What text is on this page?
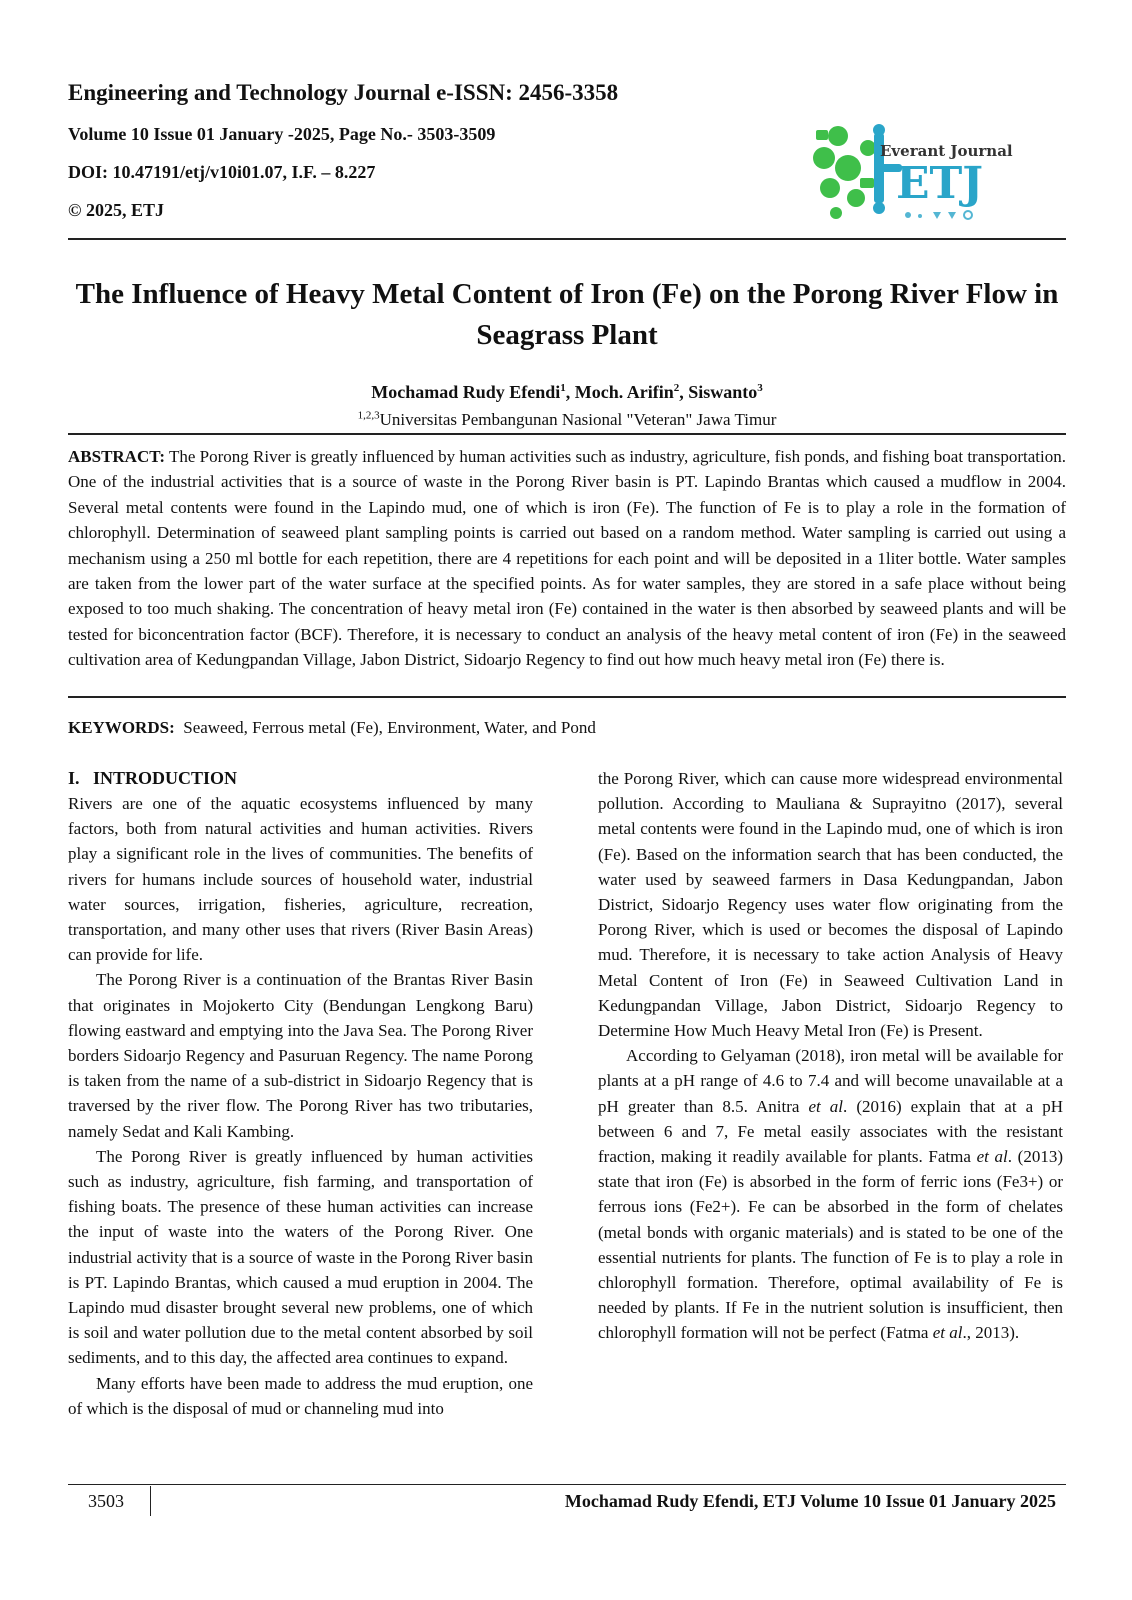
Engineering and Technology Journal e-ISSN: 2456-3358
Volume 10 Issue 01 January -2025, Page No.- 3503-3509
DOI: 10.47191/etj/v10i01.07, I.F. – 8.227
© 2025, ETJ
Everant Journal
ETJ
The Influence of Heavy Metal Content of Iron (Fe) on the Porong River Flow in Seagrass Plant
Mochamad Rudy Efendi$^1$, Moch. Arifin$^2$, Siswanto$^3$
$^{1,2,3}$Universitas Pembangunan Nasional "Veteran" Jawa Timur
ABSTRACT: The Porong River is greatly influenced by human activities such as industry, agriculture, fish ponds, and fishing boat transportation. One of the industrial activities that is a source of waste in the Porong River basin is PT. Lapindo Brantas which caused a mudflow in 2004. Several metal contents were found in the Lapindo mud, one of which is iron (Fe). The function of Fe is to play a role in the formation of chlorophyll. Determination of seaweed plant sampling points is carried out based on a random method. Water sampling is carried out using a mechanism using a 250 ml bottle for each repetition, there are 4 repetitions for each point and will be deposited in a 1liter bottle. Water samples are taken from the lower part of the water surface at the specified points. As for water samples, they are stored in a safe place without being exposed to too much shaking. The concentration of heavy metal iron (Fe) contained in the water is then absorbed by seaweed plants and will be tested for biconcentration factor (BCF). Therefore, it is necessary to conduct an analysis of the heavy metal content of iron (Fe) in the seaweed cultivation area of Kedungpandan Village, Jabon District, Sidoarjo Regency to find out how much heavy metal iron (Fe) there is.
KEYWORDS: Seaweed, Ferrous metal (Fe), Environment, Water, and Pond
I. INTRODUCTION

Rivers are one of the aquatic ecosystems influenced by many factors, both from natural activities and human activities. Rivers play a significant role in the lives of communities. The benefits of rivers for humans include sources of household water, industrial water sources, irrigation, fisheries, agriculture, recreation, transportation, and many other uses that rivers (River Basin Areas) can provide for life.

The Porong River is a continuation of the Brantas River Basin that originates in Mojokerto City (Bendungan Lengkong Baru) flowing eastward and emptying into the Java Sea. The Porong River borders Sidoarjo Regency and Pasuruan Regency. The name Porong is taken from the name of a sub-district in Sidoarjo Regency that is traversed by the river flow. The Porong River has two tributaries, namely Sedat and Kali Kambing.

The Porong River is greatly influenced by human activities such as industry, agriculture, fish farming, and transportation of fishing boats. The presence of these human activities can increase the input of waste into the waters of the Porong River. One industrial activity that is a source of waste in the Porong River basin is PT. Lapindo Brantas, which caused a mud eruption in 2004. The Lapindo mud disaster brought several new problems, one of which is soil and water pollution due to the metal content absorbed by soil sediments, and to this day, the affected area continues to expand.

Many efforts have been made to address the mud eruption, one of which is the disposal of mud or channeling mud into

the Porong River, which can cause more widespread environmental pollution. According to Mauliana & Suprayitno (2017), several metal contents were found in the Lapindo mud, one of which is iron (Fe). Based on the information search that has been conducted, the water used by seaweed farmers in Dasa Kedungpandan, Jabon District, Sidoarjo Regency uses water flow originating from the Porong River, which is used or becomes the disposal of Lapindo mud. Therefore, it is necessary to take action Analysis of Heavy Metal Content of Iron (Fe) in Seaweed Cultivation Land in Kedungpandan Village, Jabon District, Sidoarjo Regency to Determine How Much Heavy Metal Iron (Fe) is Present.

According to Gelyaman (2018), iron metal will be available for plants at a pH range of 4.6 to 7.4 and will become unavailable at a pH greater than 8.5. Anitra et al. (2016) explain that at a pH between 6 and 7, Fe metal easily associates with the resistant fraction, making it readily available for plants. Fatma et al. (2013) state that iron (Fe) is absorbed in the form of ferric ions (Fe3+) or ferrous ions (Fe2+). Fe can be absorbed in the form of chelates (metal bonds with organic materials) and is stated to be one of the essential nutrients for plants. The function of Fe is to play a role in chlorophyll formation. Therefore, optimal availability of Fe is needed by plants. If Fe in the nutrient solution is insufficient, then chlorophyll formation will not be perfect (Fatma et al., 2013).

3503	Mochamad Rudy Efendi, ETJ Volume 10 Issue 01 January 2025
